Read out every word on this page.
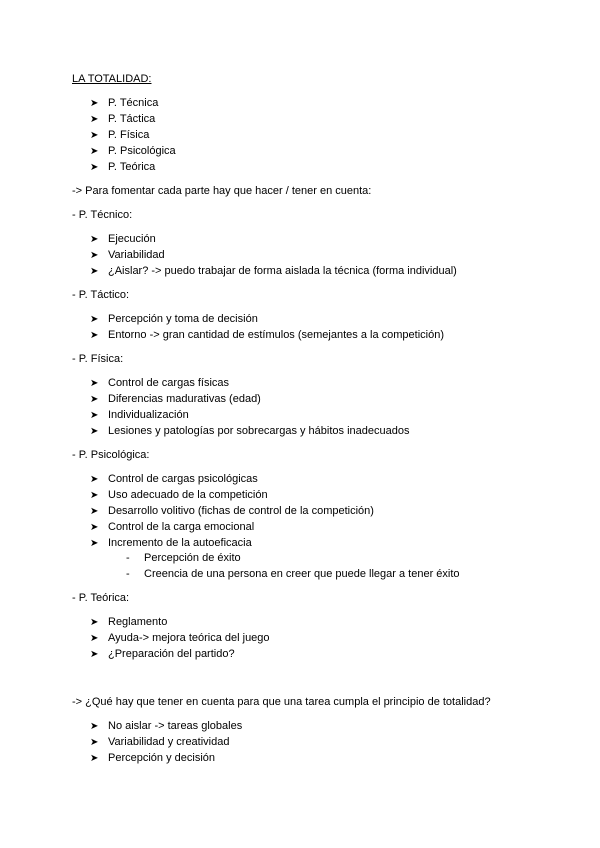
LA TOTALIDAD:
➤ P. Técnica
➤ P. Táctica
➤ P. Física
➤ P. Psicológica
➤ P. Teórica
-> Para fomentar cada parte hay que hacer / tener en cuenta:
- P. Técnico:
➤ Ejecución
➤ Variabilidad
➤ ¿Aislar? -> puedo trabajar de forma aislada la técnica (forma individual)
- P. Táctico:
➤ Percepción y toma de decisión
➤ Entorno -> gran cantidad de estímulos (semejantes a la competición)
- P. Física:
➤ Control de cargas físicas
➤ Diferencias madurativas (edad)
➤ Individualización
➤ Lesiones y patologías por sobrecargas y hábitos inadecuados
- P. Psicológica:
➤ Control de cargas psicológicas
➤ Uso adecuado de la competición
➤ Desarrollo volitivo (fichas de control de la competición)
➤ Control de la carga emocional
➤ Incremento de la autoeficacia
- Percepción de éxito
- Creencia de una persona en creer que puede llegar a tener éxito
- P. Teórica:
➤ Reglamento
➤ Ayuda-> mejora teórica del juego
➤ ¿Preparación del partido?
-> ¿Qué hay que tener en cuenta para que una tarea cumpla el principio de totalidad?
➤ No aislar -> tareas globales
➤ Variabilidad y creatividad
➤ Percepción y decisión
